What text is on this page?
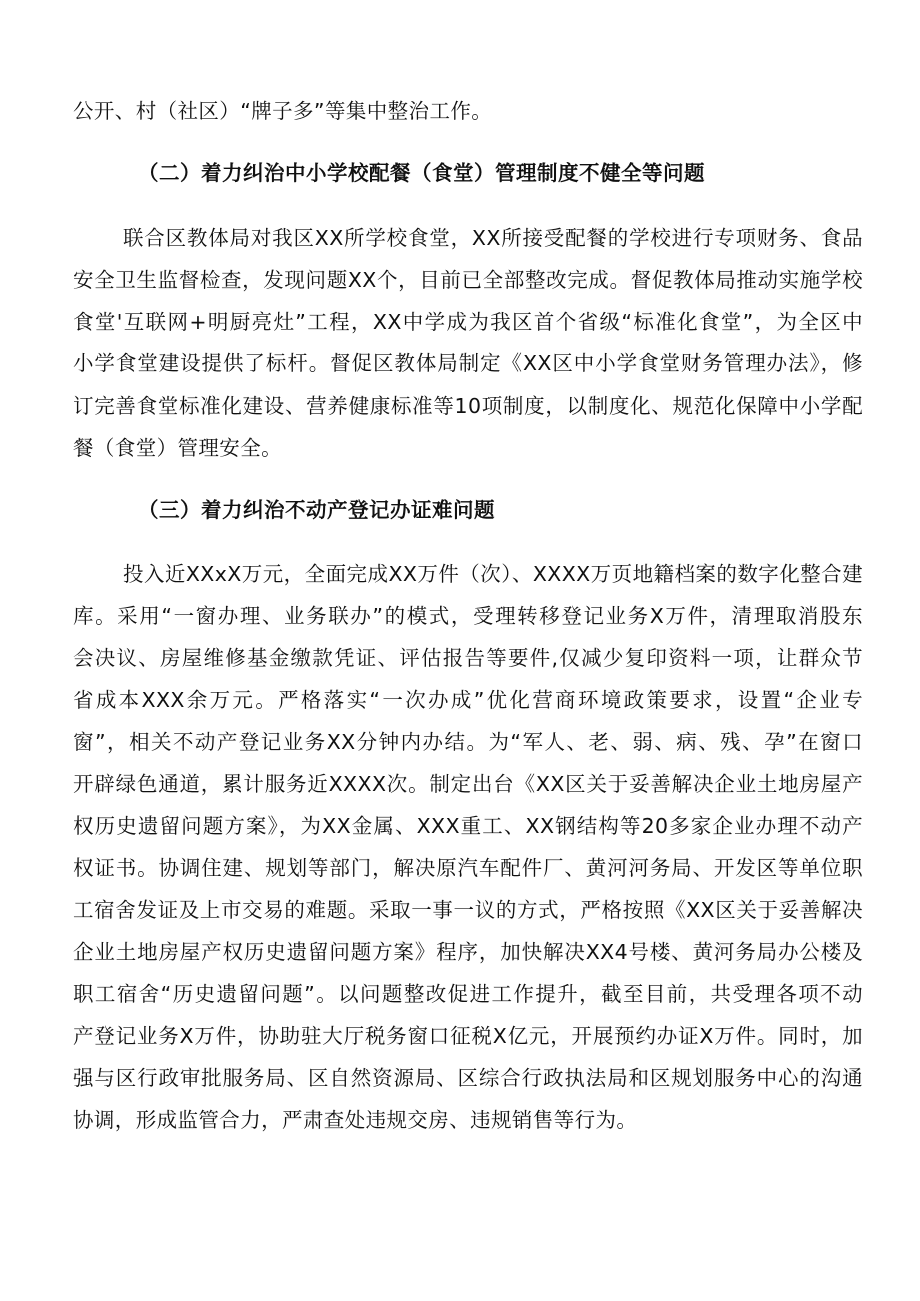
公开、村（社区）“牌子多”等集中整治工作。
（二）着力纠治中小学校配餐（食堂）管理制度不健全等问题
联合区教体局对我区XX所学校食堂，XX所接受配餐的学校进行专项财务、食品
安全卫生监督检查，发现问题XX个，目前已全部整改完成。督促教体局推动实施学校
食堂'互联网+明厨亮灶”工程，XX中学成为我区首个省级“标准化食堂”，为全区中
小学食堂建设提供了标杆。督促区教体局制定《XX区中小学食堂财务管理办法》，修
订完善食堂标准化建设、营养健康标准等10项制度，以制度化、规范化保障中小学配
餐（食堂）管理安全。
（三）着力纠治不动产登记办证难问题
投入近XXxX万元，全面完成XX万件（次）、XXXX万页地籍档案的数字化整合建
库。采用“一窗办理、业务联办”的模式，受理转移登记业务X万件，清理取消股东
会决议、房屋维修基金缴款凭证、评估报告等要件,仅减少复印资料一项，让群众节
省成本XXX余万元。严格落实“一次办成”优化营商环境政策要求，设置“企业专
窗”，相关不动产登记业务XX分钟内办结。为“军人、老、弱、病、残、孕”在窗口
开辟绿色通道，累计服务近XXXX次。制定出台《XX区关于妥善解决企业土地房屋产
权历史遗留问题方案》，为XX金属、XXX重工、XX钢结构等20多家企业办理不动产
权证书。协调住建、规划等部门，解决原汽车配件厂、黄河河务局、开发区等单位职
工宿舍发证及上市交易的难题。采取一事一议的方式，严格按照《XX区关于妥善解决
企业土地房屋产权历史遗留问题方案》程序，加快解决XX4号楼、黄河务局办公楼及
职工宿舍“历史遗留问题”。以问题整改促进工作提升，截至目前，共受理各项不动
产登记业务X万件，协助驻大厅税务窗口征税X亿元，开展预约办证X万件。同时，加
强与区行政审批服务局、区自然资源局、区综合行政执法局和区规划服务中心的沟通
协调，形成监管合力，严肃查处违规交房、违规销售等行为。
